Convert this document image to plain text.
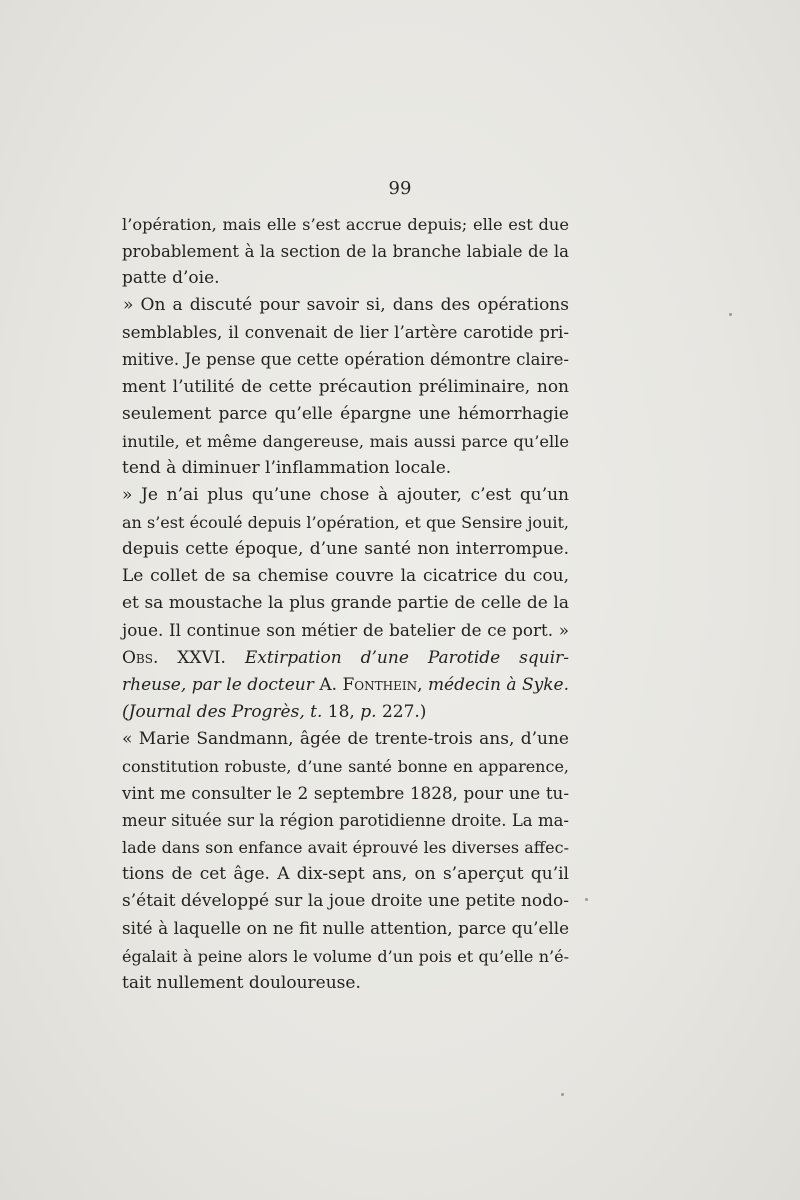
99
l’opération, mais elle s’est accrue depuis; elle est due
probablement à la section de la branche labiale de la
patte d’oie.
» On a discuté pour savoir si, dans des opérations
semblables, il convenait de lier l’artère carotide pri-
mitive. Je pense que cette opération démontre claire-
ment l’utilité de cette précaution préliminaire, non
seulement parce qu’elle épargne une hémorrhagie
inutile, et même dangereuse, mais aussi parce qu’elle
tend à diminuer l’inflammation locale.
» Je n’ai plus qu’une chose à ajouter, c’est qu’un
an s’est écoulé depuis l’opération, et que Sensire jouit,
depuis cette époque, d’une santé non interrompue.
Le collet de sa chemise couvre la cicatrice du cou,
et sa moustache la plus grande partie de celle de la
joue. Il continue son métier de batelier de ce port. »
Obs. XXVI. Extirpation d’une Parotide squir-
rheuse, par le docteur A. Fonthein, médecin à Syke.
(Journal des Progrès, t. 18, p. 227.)
« Marie Sandmann, âgée de trente-trois ans, d’une
constitution robuste, d’une santé bonne en apparence,
vint me consulter le 2 septembre 1828, pour une tu-
meur située sur la région parotidienne droite. La ma-
lade dans son enfance avait éprouvé les diverses affec-
tions de cet âge. A dix-sept ans, on s’aperçut qu’il
s’était développé sur la joue droite une petite nodo-
sité à laquelle on ne fit nulle attention, parce qu’elle
égalait à peine alors le volume d’un pois et qu’elle n’é-
tait nullement douloureuse.
